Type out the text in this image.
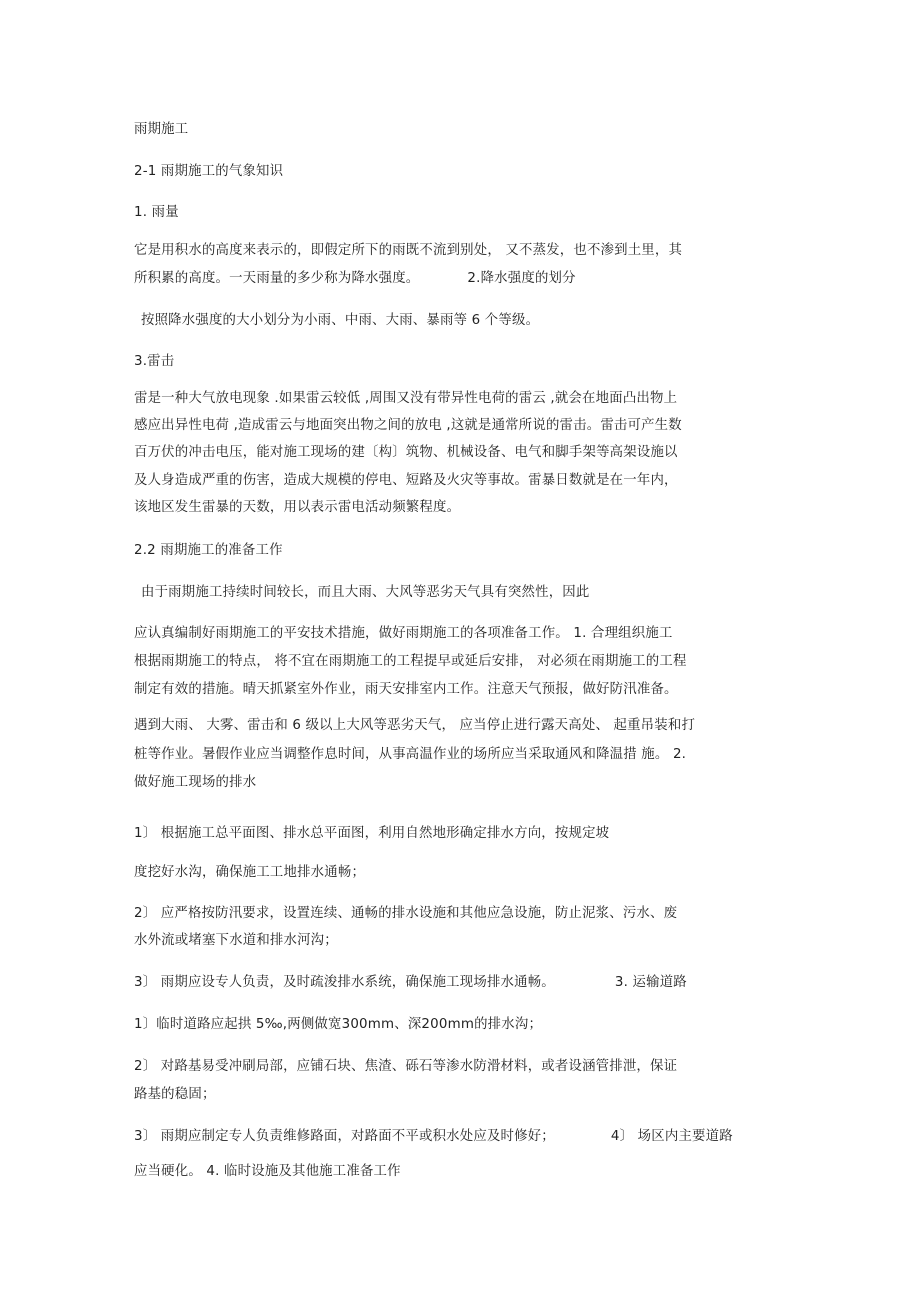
雨期施工
2-1 雨期施工的气象知识
1. 雨量
它是用积水的高度来表示的，即假定所下的雨既不流到别处， 又不蒸发，也不渗到土里，其
所积累的高度。一天雨量的多少称为降水强度。	2.降水强度的划分
按照降水强度的大小划分为小雨、中雨、大雨、暴雨等 6 个等级。
3.雷击
雷是一种大气放电现象 .如果雷云较低 ,周围又没有带异性电荷的雷云 ,就会在地面凸出物上
感应出异性电荷 ,造成雷云与地面突出物之间的放电 ,这就是通常所说的雷击。雷击可产生数
百万伏的冲击电压，能对施工现场的建〔构〕筑物、机械设备、电气和脚手架等高架设施以
及人身造成严重的伤害，造成大规模的停电、短路及火灾等事故。雷暴日数就是在一年内，
该地区发生雷暴的天数，用以表示雷电活动频繁程度。
2.2 雨期施工的准备工作
由于雨期施工持续时间较长，而且大雨、大风等恶劣天气具有突然性，因此
应认真编制好雨期施工的平安技术措施，做好雨期施工的各项准备工作。 1. 合理组织施工
根据雨期施工的特点， 将不宜在雨期施工的工程提早或延后安排， 对必须在雨期施工的工程
制定有效的措施。晴天抓紧室外作业，雨天安排室内工作。注意天气预报，做好防汛准备。
遇到大雨、 大雾、雷击和 6 级以上大风等恶劣天气， 应当停止进行露天高处、 起重吊装和打
桩等作业。暑假作业应当调整作息时间，从事高温作业的场所应当采取通风和降温措 施。 2.
做好施工现场的排水
1〕 根据施工总平面图、排水总平面图，利用自然地形确定排水方向，按规定坡
度挖好水沟，确保施工工地排水通畅；
2〕 应严格按防汛要求，设置连续、通畅的排水设施和其他应急设施，防止泥浆、污水、废
水外流或堵塞下水道和排水河沟；
3〕 雨期应设专人负责，及时疏浚排水系统，确保施工现场排水通畅。	3. 运输道路
1〕临时道路应起拱 5‰,两侧做宽300mm、深200mm的排水沟；
2〕 对路基易受冲刷局部，应铺石块、焦渣、砾石等渗水防滑材料，或者设涵管排泄，保证
路基的稳固；
3〕 雨期应制定专人负责维修路面，对路面不平或积水处应及时修好；	4〕 场区内主要道路
应当硬化。 4. 临时设施及其他施工准备工作
